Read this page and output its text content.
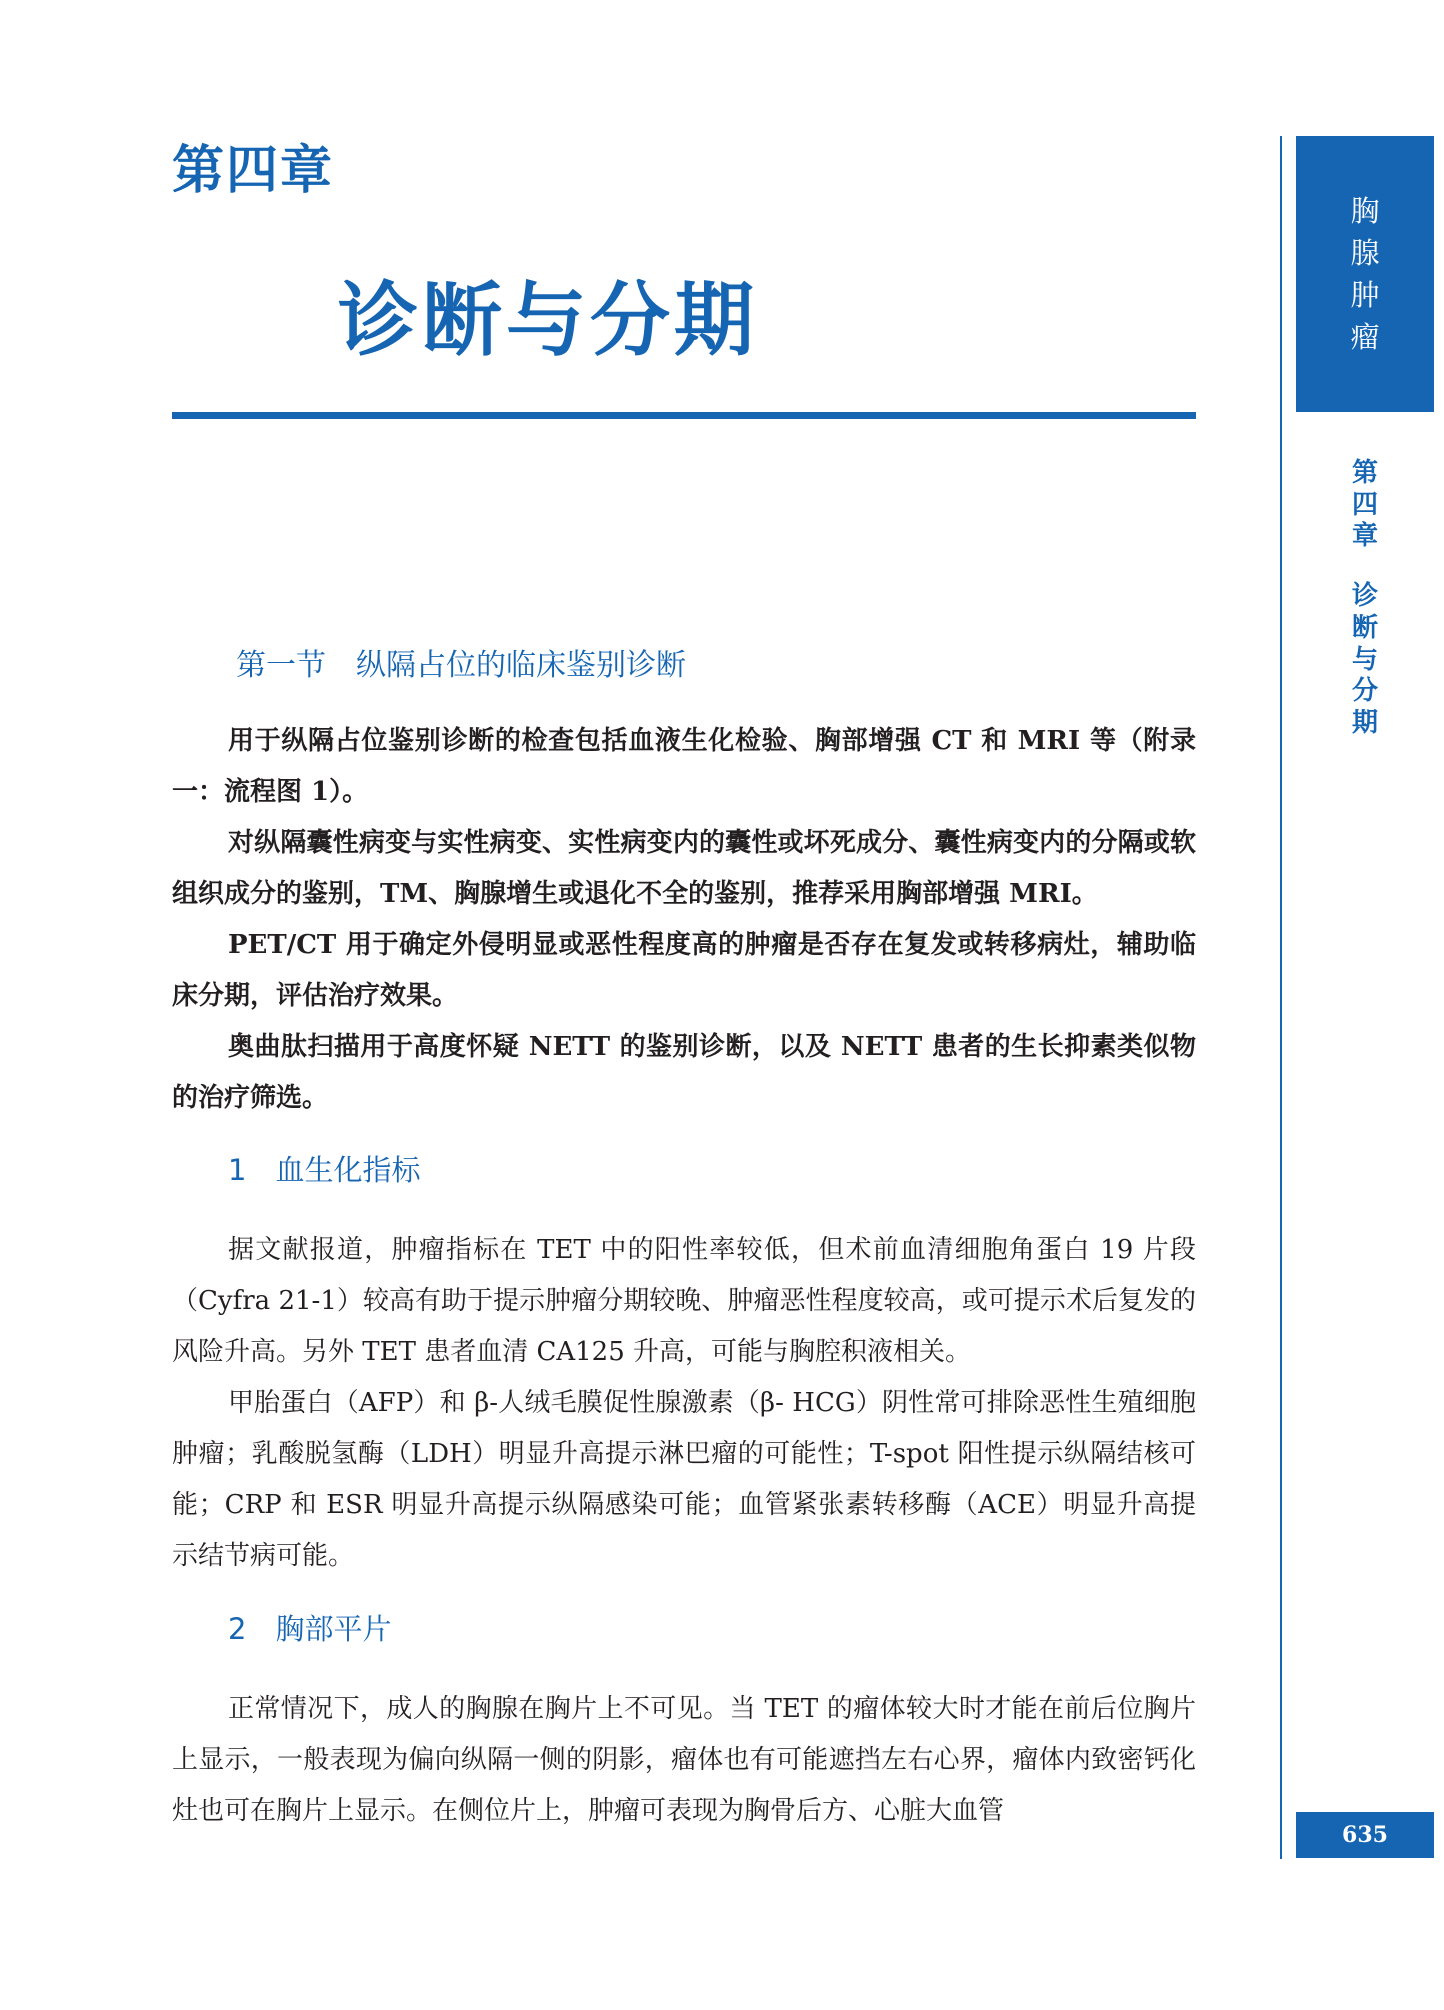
第四章
诊断与分期
胸
腺
肿
瘤
第
四
章
诊
断
与
分
期
第一节　纵隔占位的临床鉴别诊断

用于纵隔占位鉴别诊断的检查包括血液生化检验、胸部增强 CT 和 MRI 等（附录一：流程图 1）。

对纵隔囊性病变与实性病变、实性病变内的囊性或坏死成分、囊性病变内的分隔或软组织成分的鉴别，TM、胸腺增生或退化不全的鉴别，推荐采用胸部增强 MRI。

PET/CT 用于确定外侵明显或恶性程度高的肿瘤是否存在复发或转移病灶，辅助临床分期，评估治疗效果。

奥曲肽扫描用于高度怀疑 NETT 的鉴别诊断，以及 NETT 患者的生长抑素类似物的治疗筛选。

1　血生化指标

据文献报道，肿瘤指标在 TET 中的阳性率较低，但术前血清细胞角蛋白 19 片段（Cyfra 21-1）较高有助于提示肿瘤分期较晚、肿瘤恶性程度较高，或可提示术后复发的风险升高。另外 TET 患者血清 CA125 升高，可能与胸腔积液相关。

甲胎蛋白（AFP）和 β-人绒毛膜促性腺激素（β- HCG）阴性常可排除恶性生殖细胞肿瘤；乳酸脱氢酶（LDH）明显升高提示淋巴瘤的可能性；T-spot 阳性提示纵隔结核可能；CRP 和 ESR 明显升高提示纵隔感染可能；血管紧张素转移酶（ACE）明显升高提示结节病可能。

2　胸部平片

正常情况下，成人的胸腺在胸片上不可见。当 TET 的瘤体较大时才能在前后位胸片上显示，一般表现为偏向纵隔一侧的阴影，瘤体也有可能遮挡左右心界，瘤体内致密钙化灶也可在胸片上显示。在侧位片上，肿瘤可表现为胸骨后方、心脏大血管

635
